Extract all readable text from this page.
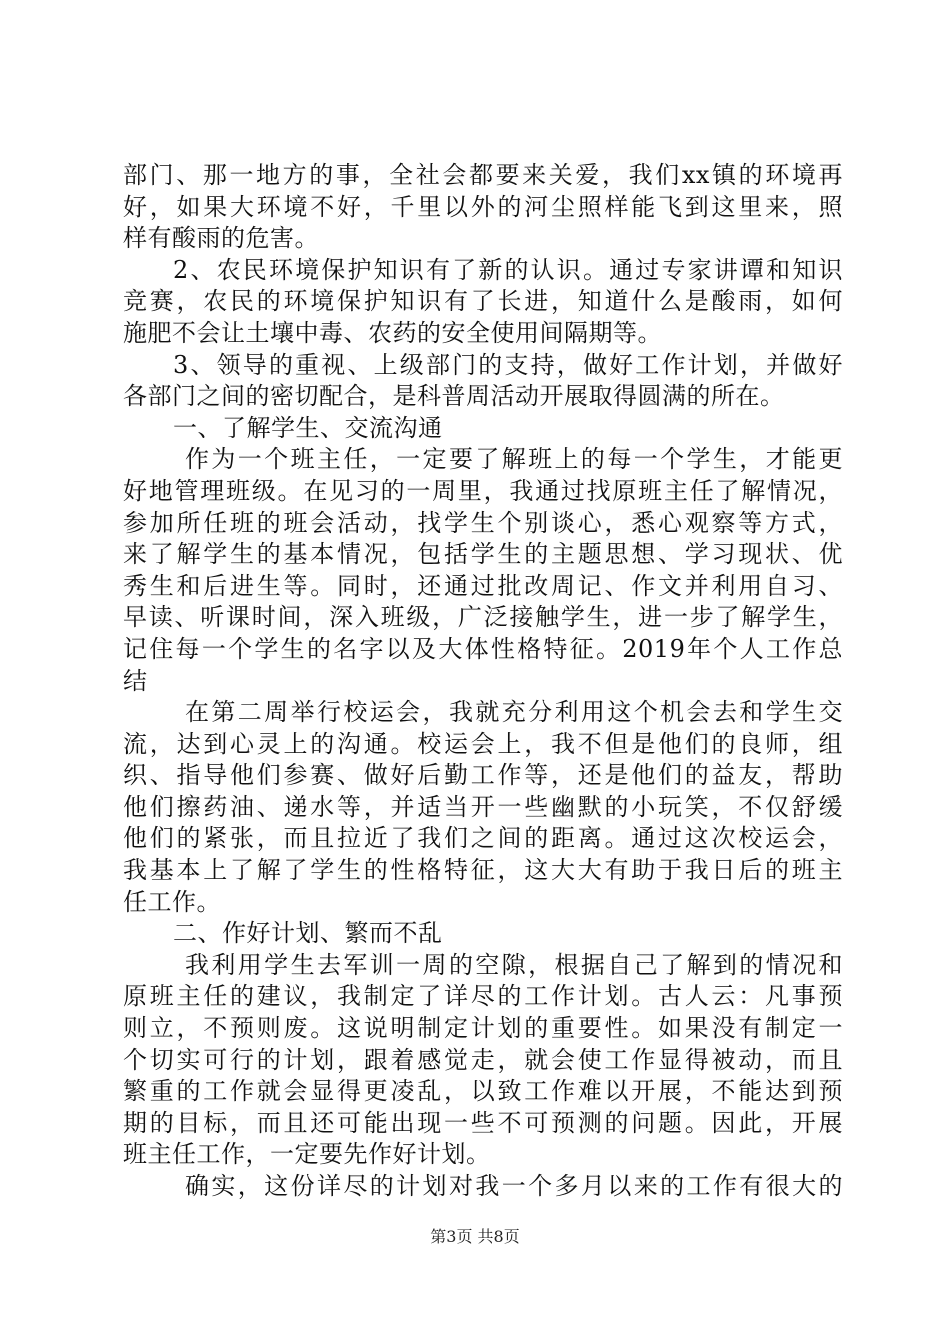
部门、那一地方的事，全社会都要来关爱，我们xx镇的环境再
好，如果大环境不好，千里以外的河尘照样能飞到这里来，照
样有酸雨的危害。
2、农民环境保护知识有了新的认识。通过专家讲谭和知识
竞赛，农民的环境保护知识有了长进，知道什么是酸雨，如何
施肥不会让土壤中毒、农药的安全使用间隔期等。
3、领导的重视、上级部门的支持，做好工作计划，并做好
各部门之间的密切配合，是科普周活动开展取得圆满的所在。
一、了解学生、交流沟通
作为一个班主任，一定要了解班上的每一个学生，才能更
好地管理班级。在见习的一周里，我通过找原班主任了解情况，
参加所任班的班会活动，找学生个别谈心，悉心观察等方式，
来了解学生的基本情况，包括学生的主题思想、学习现状、优
秀生和后进生等。同时，还通过批改周记、作文并利用自习、
早读、听课时间，深入班级，广泛接触学生，进一步了解学生，
记住每一个学生的名字以及大体性格特征。2019年个人工作总
结
在第二周举行校运会，我就充分利用这个机会去和学生交
流，达到心灵上的沟通。校运会上，我不但是他们的良师，组
织、指导他们参赛、做好后勤工作等，还是他们的益友，帮助
他们擦药油、递水等，并适当开一些幽默的小玩笑，不仅舒缓
他们的紧张，而且拉近了我们之间的距离。通过这次校运会，
我基本上了解了学生的性格特征，这大大有助于我日后的班主
任工作。
二、作好计划、繁而不乱
我利用学生去军训一周的空隙，根据自己了解到的情况和
原班主任的建议，我制定了详尽的工作计划。古人云：凡事预
则立，不预则废。这说明制定计划的重要性。如果没有制定一
个切实可行的计划，跟着感觉走，就会使工作显得被动，而且
繁重的工作就会显得更凌乱，以致工作难以开展，不能达到预
期的目标，而且还可能出现一些不可预测的问题。因此，开展
班主任工作，一定要先作好计划。
确实，这份详尽的计划对我一个多月以来的工作有很大的
第3页 共8页
